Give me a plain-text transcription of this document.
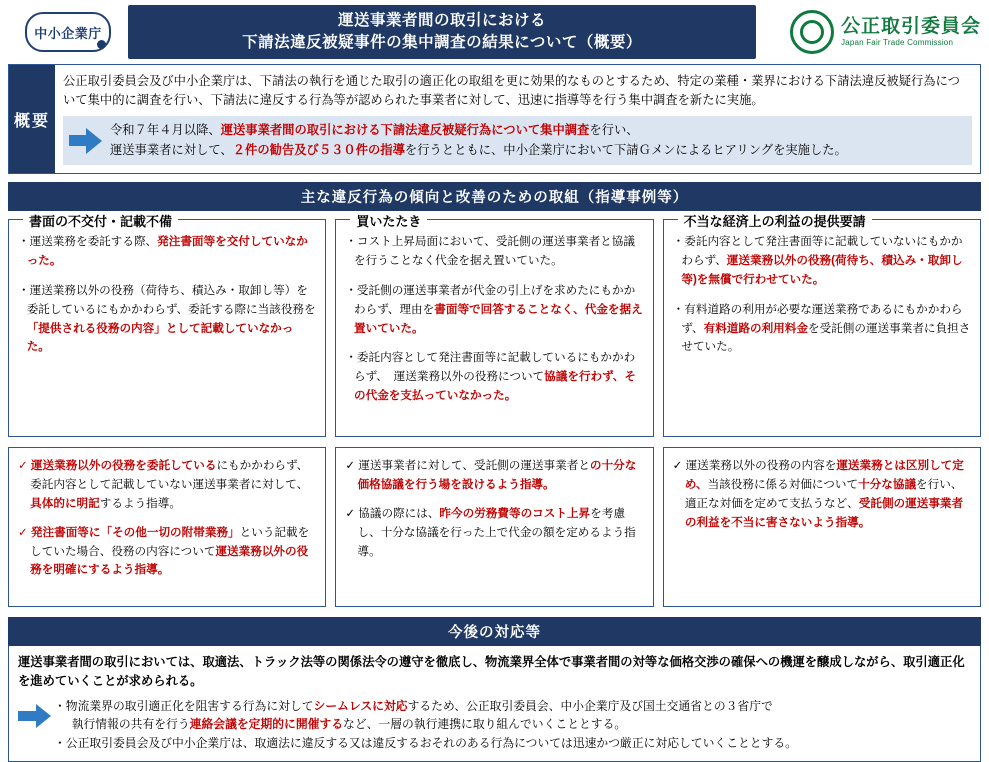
中小企業庁
運送事業者間の取引における
下請法違反被疑事件の集中調査の結果について（概要）
公正取引委員会
Japan Fair Trade Commission
概要
公正取引委員会及び中小企業庁は、下請法の執行を通じた取引の適正化の取組を更に効果的なものとするため、特定の業種・業界における下請法違反被疑行為について集中的に調査を行い、下請法に違反する行為等が認められた事業者に対して、迅速に指導等を行う集中調査を新たに実施。
令和７年４月以降、運送事業者間の取引における下請法違反被疑行為について集中調査を行い、
運送事業者に対して、２件の勧告及び５３０件の指導を行うとともに、中小企業庁において下請Ｇメンによるヒアリングを実施した。
主な違反行為の傾向と改善のための取組（指導事例等）
書面の不交付・記載不備
・運送業務を委託する際、発注書面等を交付していなかった。
・運送業務以外の役務（荷待ち、積込み・取卸し等）を委託しているにもかかわらず、委託する際に当該役務を「提供される役務の内容」として記載していなかった。
✓ 運送業務以外の役務を委託しているにもかかわらず、委託内容として記載していない運送事業者に対して、具体的に明記するよう指導。
✓ 発注書面等に「その他一切の附帯業務」という記載をしていた場合、役務の内容について運送業務以外の役務を明確にするよう指導。
買いたたき
・コスト上昇局面において、受託側の運送事業者と協議を行うことなく代金を据え置いていた。
・受託側の運送事業者が代金の引上げを求めたにもかかわらず、理由を書面等で回答することなく、代金を据え置いていた。
・委託内容として発注書面等に記載しているにもかかわらず、　運送業務以外の役務について協議を行わず、その代金を支払っていなかった。
✓ 運送事業者に対して、受託側の運送事業者との十分な価格協議を行う場を設けるよう指導。
✓ 協議の際には、昨今の労務費等のコスト上昇を考慮し、十分な協議を行った上で代金の額を定めるよう指導。
不当な経済上の利益の提供要請
・委託内容として発注書面等に記載していないにもかかわらず、運送業務以外の役務(荷待ち、積込み・取卸し等)を無償で行わせていた。
・有料道路の利用が必要な運送業務であるにもかかわらず、有料道路の利用料金を受託側の運送事業者に負担させていた。
✓ 運送業務以外の役務の内容を運送業務とは区別して定め、当該役務に係る対価について十分な協議を行い、適正な対価を定めて支払うなど、受託側の運送事業者の利益を不当に害さないよう指導。
今後の対応等
運送事業者間の取引においては、取適法、トラック法等の関係法令の遵守を徹底し、物流業界全体で事業者間の対等な価格交渉の確保への機運を醸成しながら、取引適正化を進めていくことが求められる。
・物流業界の取引適正化を阻害する行為に対してシームレスに対応するため、公正取引委員会、中小企業庁及び国土交通省との３省庁で
執行情報の共有を行う連絡会議を定期的に開催するなど、一層の執行連携に取り組んでいくこととする。
・公正取引委員会及び中小企業庁は、取適法に違反する又は違反するおそれのある行為については迅速かつ厳正に対応していくこととする。
